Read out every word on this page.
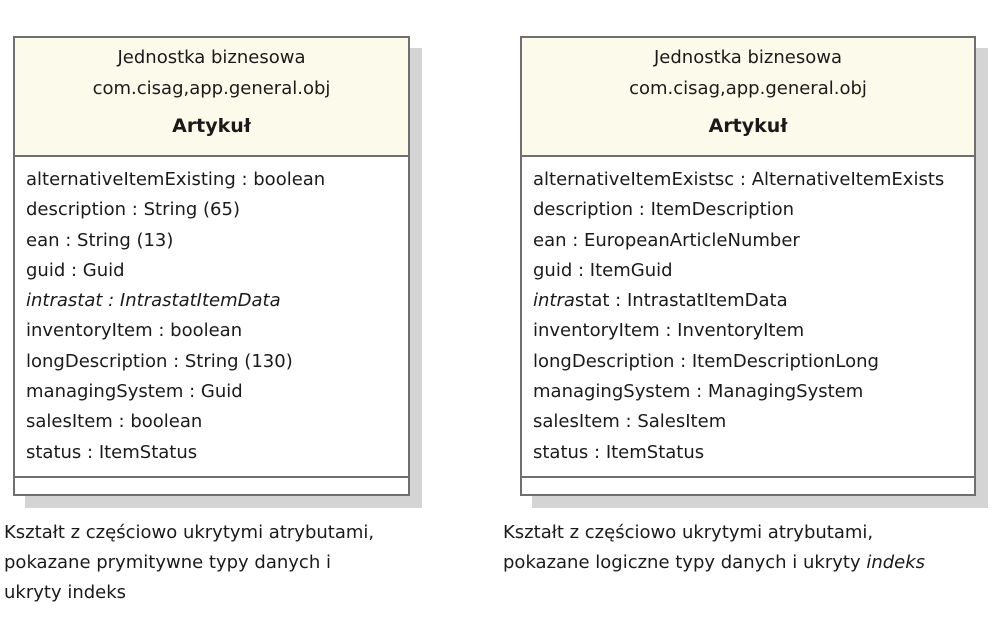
Jednostka biznesowa
com.cisag,app.general.obj
Artykuł
alternativeItemExisting : boolean
description : String (65)
ean : String (13)
guid : Guid
intrastat : IntrastatItemData
inventoryItem : boolean
longDescription : String (130)
managingSystem : Guid
salesItem : boolean
status : ItemStatus
Jednostka biznesowa
com.cisag,app.general.obj
Artykuł
alternativeItemExistsc : AlternativeItemExists
description : ItemDescription
ean : EuropeanArticleNumber
guid : ItemGuid
intrastat : IntrastatItemData
inventoryItem : InventoryItem
longDescription : ItemDescriptionLong
managingSystem : ManagingSystem
salesItem : SalesItem
status : ItemStatus
Kształt z częściowo ukrytymi atrybutami,
pokazane prymitywne typy danych i
ukryty indeks
Kształt z częściowo ukrytymi atrybutami,
pokazane logiczne typy danych i ukryty indeks
